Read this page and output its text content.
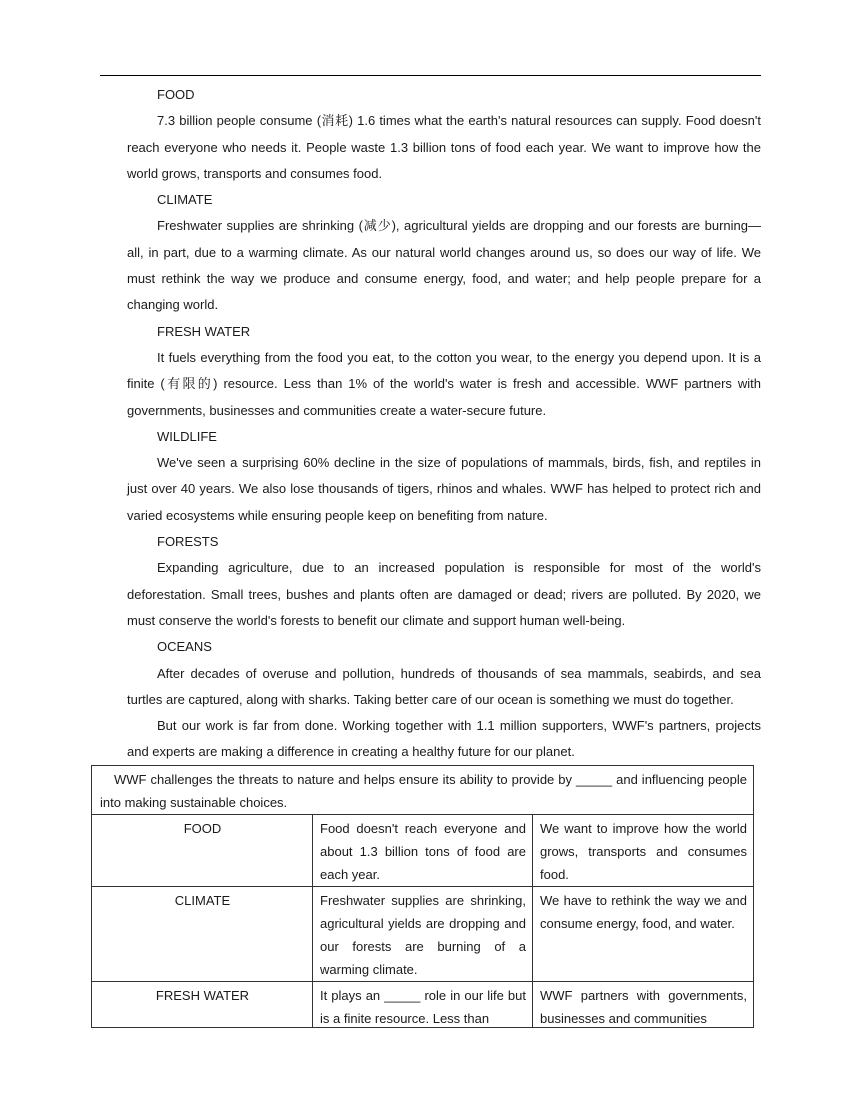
FOOD

7.3 billion people consume (消耗) 1.6 times what the earth's natural resources can supply. Food doesn't reach everyone who needs it. People waste 1.3 billion tons of food each year. We want to improve how the world grows, transports and consumes food.

CLIMATE

Freshwater supplies are shrinking (减少), agricultural yields are dropping and our forests are burning—all, in part, due to a warming climate. As our natural world changes around us, so does our way of life. We must rethink the way we produce and consume energy, food, and water; and help people prepare for a changing world.

FRESH WATER

It fuels everything from the food you eat, to the cotton you wear, to the energy you depend upon. It is a finite (有限的) resource. Less than 1% of the world's water is fresh and accessible. WWF partners with governments, businesses and communities create a water-secure future.

WILDLIFE

We've seen a surprising 60% decline in the size of populations of mammals, birds, fish, and reptiles in just over 40 years. We also lose thousands of tigers, rhinos and whales. WWF has helped to protect rich and varied ecosystems while ensuring people keep on benefiting from nature.

FORESTS

Expanding agriculture, due to an increased population is responsible for most of the world's deforestation. Small trees, bushes and plants often are damaged or dead; rivers are polluted. By 2020, we must conserve the world's forests to benefit our climate and support human well-being.

OCEANS

After decades of overuse and pollution, hundreds of thousands of sea mammals, seabirds, and sea turtles are captured, along with sharks. Taking better care of our ocean is something we must do together.

But our work is far from done. Working together with 1.1 million supporters, WWF's partners, projects and experts are making a difference in creating a healthy future for our planet.

WWF challenges the threats to nature and helps ensure its ability to provide by _____ and influencing people into making sustainable choices.		
FOOD	Food doesn't reach everyone and about 1.3 billion tons of food are each year.	We want to improve how the world grows, transports and consumes food.
CLIMATE	Freshwater supplies are shrinking, agricultural yields are dropping and our forests are burning of a warming climate.	We have to rethink the way we and consume energy, food, and water.

FRESH WATER	It plays an _____ role in our life but is a finite resource. Less than	WWF partners with governments, businesses and communities
